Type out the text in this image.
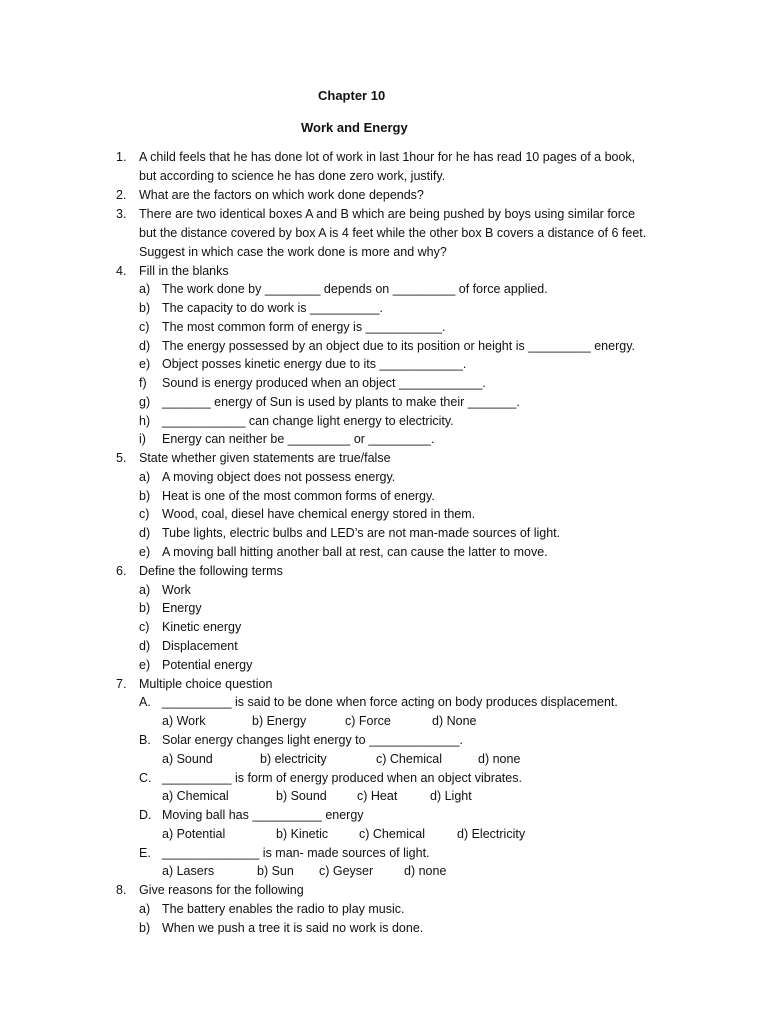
Chapter 10
Work and Energy
1.	A child feels that he has done lot of work in last 1hour for he has read 10 pages of a book,
but according to science he has done zero work, justify.
2.	What are the factors on which work done depends?
3.	There are two identical boxes A and B which are being pushed by boys using similar force
but the distance covered by box A is 4 feet while the other box B covers a distance of 6 feet.
Suggest in which case the work done is more and why?
4.	Fill in the blanks
a) The work done by ________ depends on _________ of force applied.
b) The capacity to do work is __________.
c) The most common form of energy is ___________.
d) The energy possessed by an object due to its position or height is _________ energy.
e) Object posses kinetic energy due to its ____________.
f) Sound is energy produced when an object ____________.
g) _______ energy of Sun is used by plants to make their _______.
h) ____________ can change light energy to electricity.
i) Energy can neither be _________ or _________.
5.	State whether given statements are true/false
a) A moving object does not possess energy.
b) Heat is one of the most common forms of energy.
c) Wood, coal, diesel have chemical energy stored in them.
d) Tube lights, electric bulbs and LED’s are not man-made sources of light.
e) A moving ball hitting another ball at rest, can cause the latter to move.
6.	Define the following terms
a) Work
b) Energy
c) Kinetic energy
d) Displacement
e) Potential energy
7.	Multiple choice question
A. __________ is said to be done when force acting on body produces displacement.
a) Work	b) Energy	c) Force	d) None
B. Solar energy changes light energy to _____________.
a) Sound	b) electricity	c) Chemical	d) none
C. __________ is form of energy produced when an object vibrates.
a) Chemical	b) Sound c) Heat	d) Light
D. Moving ball has __________ energy
a) Potential	b) Kinetic c) Chemical	d) Electricity
E. ______________ is man- made sources of light.
a) Lasers	b) Sun c) Geyser d) none
8.	Give reasons for the following
a) The battery enables the radio to play music.
b) When we push a tree it is said no work is done.
